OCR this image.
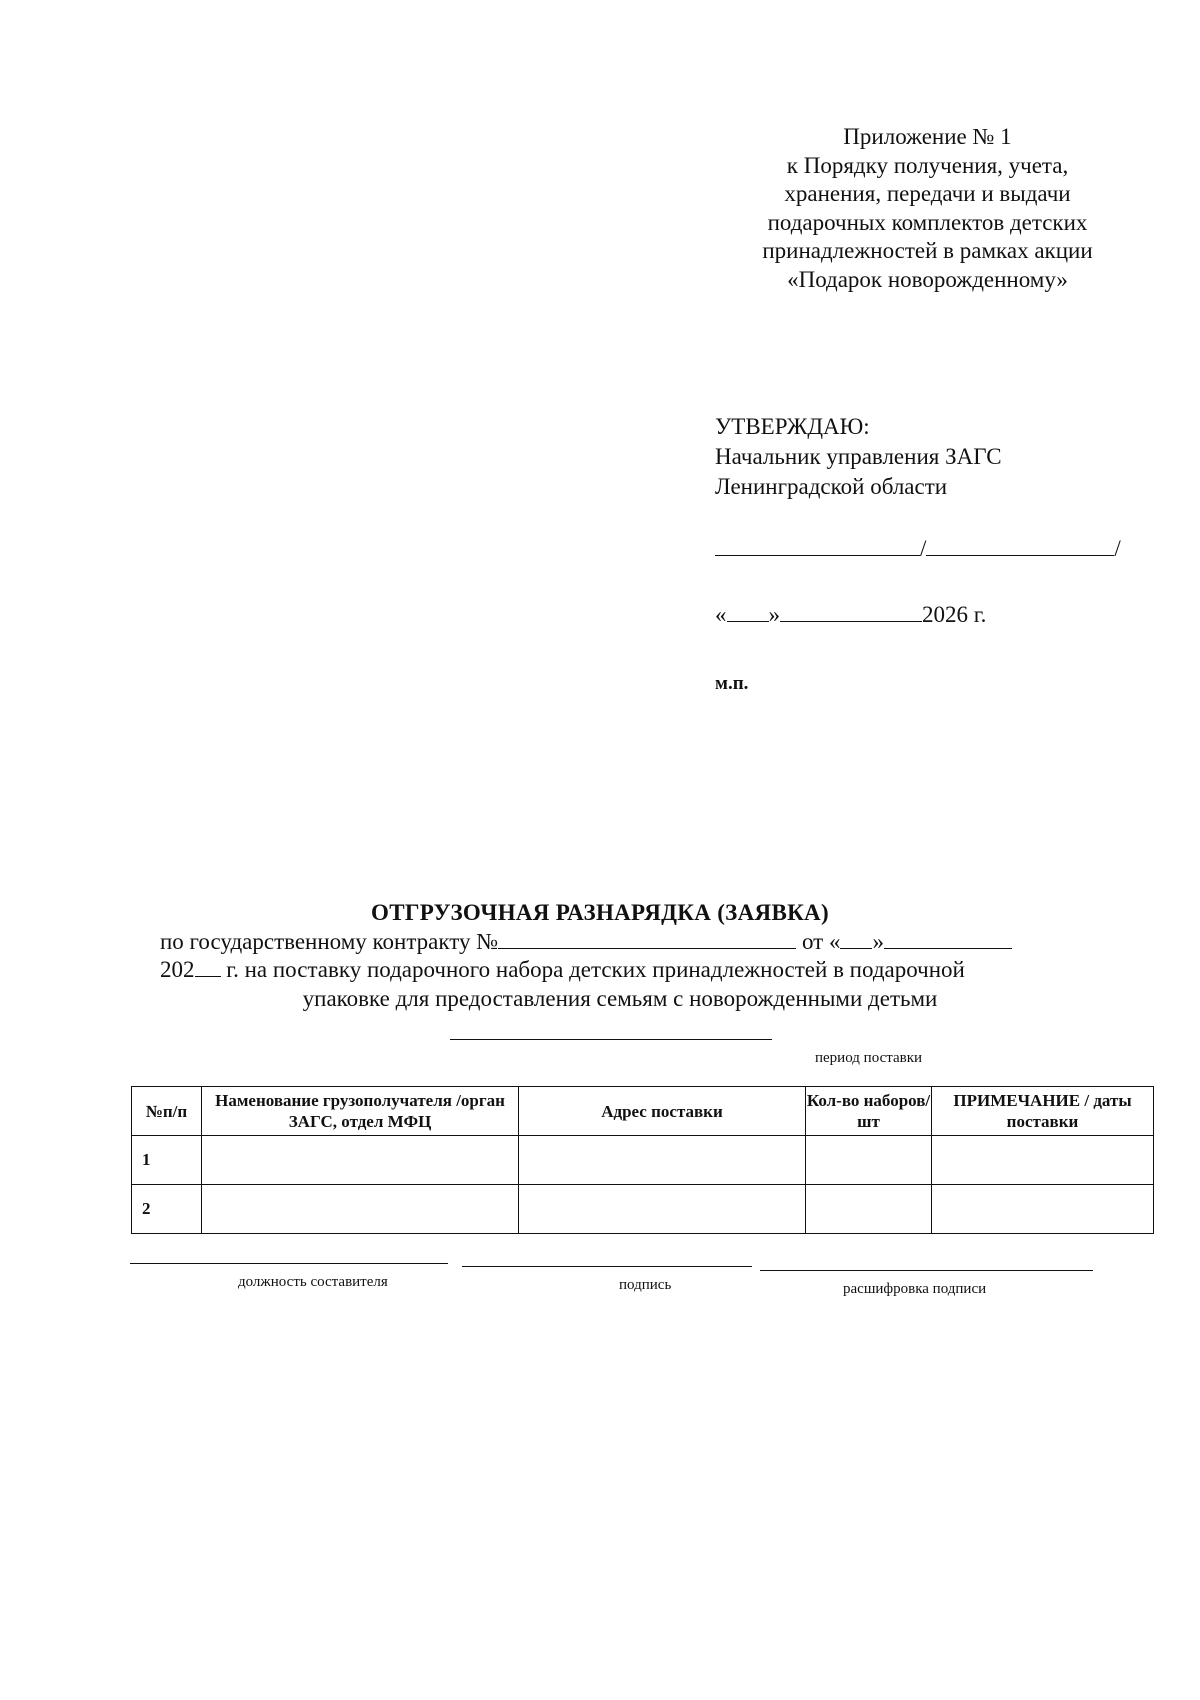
Приложение № 1
к Порядку получения, учета,
хранения, передачи и выдачи
подарочных комплектов детских
принадлежностей в рамках акции
«Подарок новорожденному»
УТВЕРЖДАЮ:
Начальник управления ЗАГС
Ленинградской области
/	/
« »	2026 г.
м.п.
ОТГРУЗОЧНАЯ РАЗНАРЯДКА (ЗАЯВКА)
по государственному контракту №	от « »
202 г. на поставку подарочного набора детских принадлежностей в подарочной
упаковке для предоставления семьям с новорожденными детьми
период поставки
№п/п	Наменование грузополучателя /орган ЗАГС, отдел МФЦ	Адрес поставки	Кол-во наборов/шт	ПРИМЕЧАНИЕ / даты поставки
1				
2				
должность составителя	подпись	расшифровка подписи
